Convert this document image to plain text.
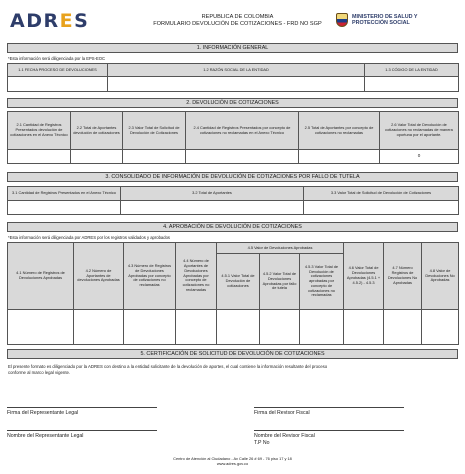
ADRES	REPUBLICA DE COLOMBIA
FORMULARIO DEVOLUCIÓN DE COTIZACIONES - FRD NO SGP
MINISTERIO DE SALUD Y
PROTECCIÓN SOCIAL
1. INFORMACIÓN GENERAL
*Esta información será diligenciada por la EPS-EOC
1.1 FECHA PROCESO DE DEVOLUCIONES	1.2 RAZÓN SOCIAL DE LA ENTIDAD	1.3 CÓDIGO DE LA ENTIDAD

2. DEVOLUCIÓN DE COTIZACIONES
2.1 Cantidad de Registros Presentados devolución de cotizaciones en el Anexo Técnico	2.2 Total de Aportantes devolución de cotizaciones	2.3 Valor Total de Solicitud de Devolución de Cotizaciones	2.4 Cantidad de Registros Presentados por concepto de cotizaciones no reclamadas en el Anexo Técnico	2.5 Total de Aportantes por concepto de cotizaciones no reclamadas	2.6 Valor Total de Devolución de cotizaciones no reclamadas de manera oportuna por el aportante.
					0
3. CONSOLIDADO DE INFORMACIÓN DE DEVOLUCIÓN DE COTIZACIONES POR FALLO DE TUTELA
3.1 Cantidad de Registros Presentados en el Anexo Técnico	3.2 Total de Aportantes	3.3 Valor Total de Solicitud de Devolución de Cotizaciones

4. APROBACIÓN DE DEVOLUCIÓN DE COTIZACIONES
*Esta información será diligenciada por ADRES por los registros validados y aprobados
4.1 Número de Registros de Devoluciones Aprobadas	4.2 Número de Aportantes de devoluciones Aprobadas	4.3 Número de Registros de Devoluciones Aprobadas por concepto de cotizaciones no reclamadas	4.4 Número de Aportantes de Devoluciones Aprobadas por concepto de cotizaciones no reclamadas	4.5 Valor de Devoluciones Aprobadas			4.6 Valor Total de Devoluciones Aprobadas (4.5.1 + 4.5.2) - 4.5.3	4.7 Número Registros de Devoluciones No Aprobadas	4.8 Valor de Devoluciones No Aprobadas
				4.5.1 Valor Total de Devolución de cotizaciones	4.5.2 Valor Total de Devoluciones Aprobadas por fallo de tutela	4.5.3 Valor Total de Devolución de cotizaciones aprobadas por concepto de cotizaciones no reclamadas			

5. CERTIFICACIÓN DE SOLICITUD DE DEVOLUCIÓN DE COTIZACIONES
El presente formato es diligenciado por la ADRES con destino a la entidad solicitante de la devolución de aportes, el cual contiene la información resultante del proceso
conforme al marco legal vigente.
Firma del Representante Legal	Firma del Revisor Fiscal
Nombre del Representante Legal	Nombre del Revisor Fiscal
T.P No
Centro de Atención al Ciudadano - Av Calle 26 # 69 - 76 piso 17 y 18
www.adres.gov.co
